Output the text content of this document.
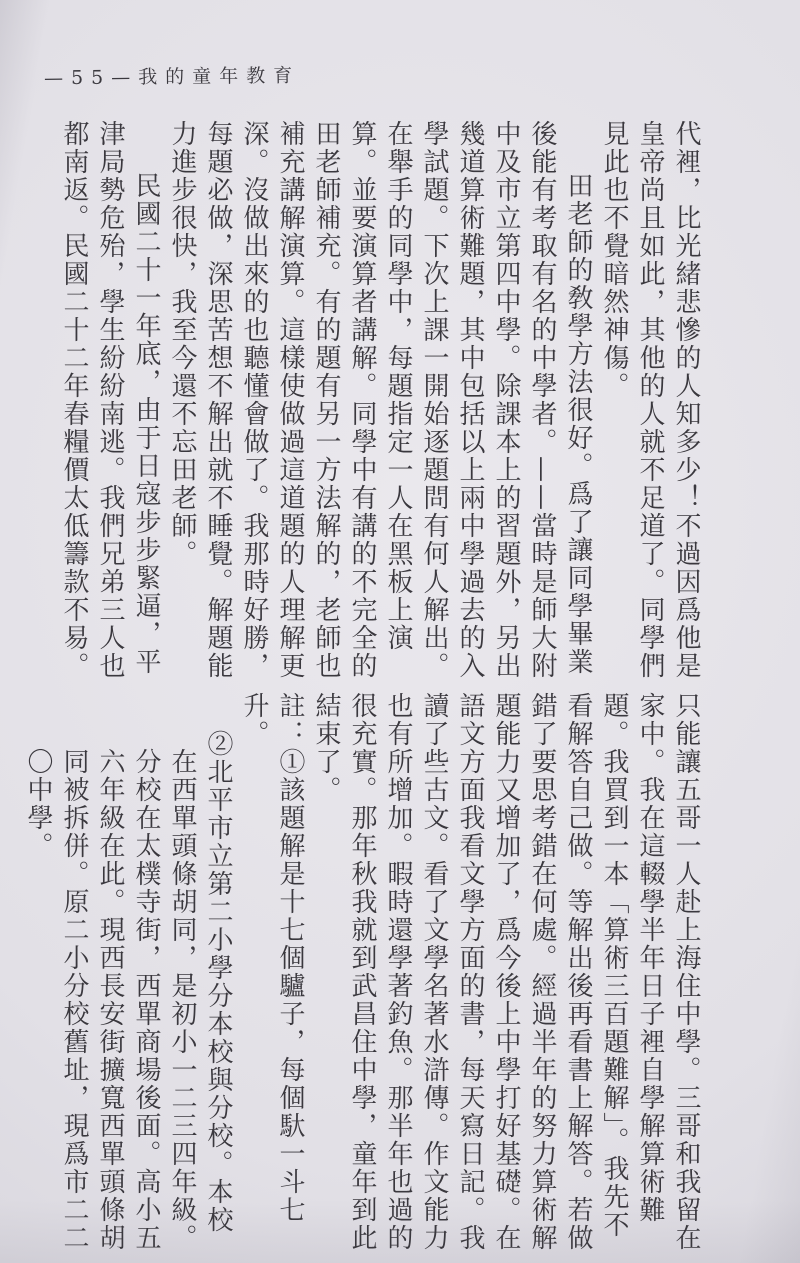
—55—我的童年教育

代裡，比光緒悲慘的人知多少！不過因爲他是皇帝尚且如此，其他的人就不足道了。同學們見此也不覺暗然神傷。

田老師的敎學方法很好。爲了讓同學畢業後能有考取有名的中學者。——當時是師大附中及市立第四中學。除課本上的習題外，另出幾道算術難題，其中包括以上兩中學過去的入學試題。下次上課一開始逐題問有何人解出。在舉手的同學中，每題指定一人在黑板上演算。並要演算者講解。同學中有講的不完全的田老師補充。有的題有另一方法解的，老師也補充講解演算。這樣使做過這道題的人理解更深。沒做出來的也聽懂會做了。我那時好勝，每題必做，深思苦想不解出就不睡覺。解題能力進步很快，我至今還不忘田老師。

民國二十一年底，由于日寇步步緊逼，平津局勢危殆，學生紛紛南逃。我們兄弟三人也都南返。民國二十二年春糧價太低籌款不易。

只能讓五哥一人赴上海住中學。三哥和我留在家中。我在這輟學半年日子裡自學解算術難題。我買到一本「算術三百題難解」。我先不看解答自己做。等解出後再看書上解答。若做錯了要思考錯在何處。經過半年的努力算術解題能力又增加了，爲今後上中學打好基礎。在語文方面我看文學方面的書，每天寫日記。我讀了些古文。看了文學名著水滸傳。作文能力也有所增加。暇時還學著釣魚。那半年也過的很充實。那年秋我就到武昌住中學，童年到此結束了。

註：①該題解是十七個驢子，每個馱一斗七升。

②北平市立第二小學分本校與分校。本校在西單頭條胡同，是初小一二三四年級。分校在太樸寺街，西單商場後面。高小五六年級在此。現西長安街擴寬西單頭條胡同被拆併。原二小分校舊址，現爲市二二〇中學。
